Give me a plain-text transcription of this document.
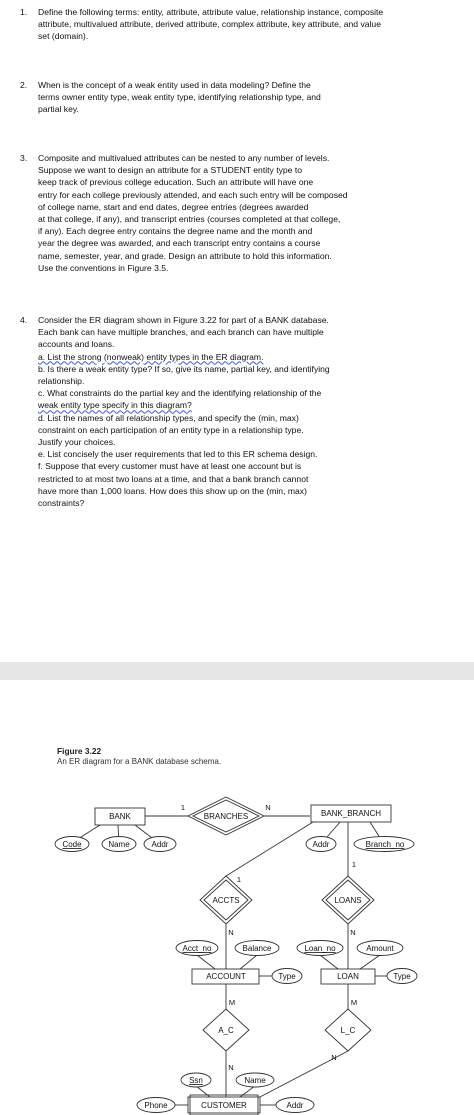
1. Define the following terms: entity, attribute, attribute value, relationship instance, composite
attribute, multivalued attribute, derived attribute, complex attribute, key attribute, and value
set (domain).
2. When is the concept of a weak entity used in data modeling? Define the
terms owner entity type, weak entity type, identifying relationship type, and
partial key.
3. Composite and multivalued attributes can be nested to any number of levels.
Suppose we want to design an attribute for a STUDENT entity type to
keep track of previous college education. Such an attribute will have one
entry for each college previously attended, and each such entry will be composed
of college name, start and end dates, degree entries (degrees awarded
at that college, if any), and transcript entries (courses completed at that college,
if any). Each degree entry contains the degree name and the month and
year the degree was awarded, and each transcript entry contains a course
name, semester, year, and grade. Design an attribute to hold this information.
Use the conventions in Figure 3.5.
4. Consider the ER diagram shown in Figure 3.22 for part of a BANK database.
Each bank can have multiple branches, and each branch can have multiple
accounts and loans.
a. List the strong (nonweak) entity types in the ER diagram.
b. Is there a weak entity type? If so, give its name, partial key, and identifying
relationship.
c. What constraints do the partial key and the identifying relationship of the
weak entity type specify in this diagram?
d. List the names of all relationship types, and specify the (min, max)
constraint on each participation of an entity type in a relationship type.
Justify your choices.
e. List concisely the user requirements that led to this ER schema design.
f. Suppose that every customer must have at least one account but is
restricted to at most two loans at a time, and that a bank branch cannot
have more than 1,000 loans. How does this show up on the (min, max)
constraints?
Figure 3.22
An ER diagram for a BANK database schema.
BANK	BANK_BRANCH
ACCOUNT	LOAN
CUSTOMER
BRANCHES
ACCTS	LOANS
A_C	L_C
Code	Name	Addr	Addr	Branch_no
Acct_no	Balance
Type
Loan_no	Amount
Type
Ssn	Name
Phone	Addr
1	N
1
N
1
N
M
N
M
N
